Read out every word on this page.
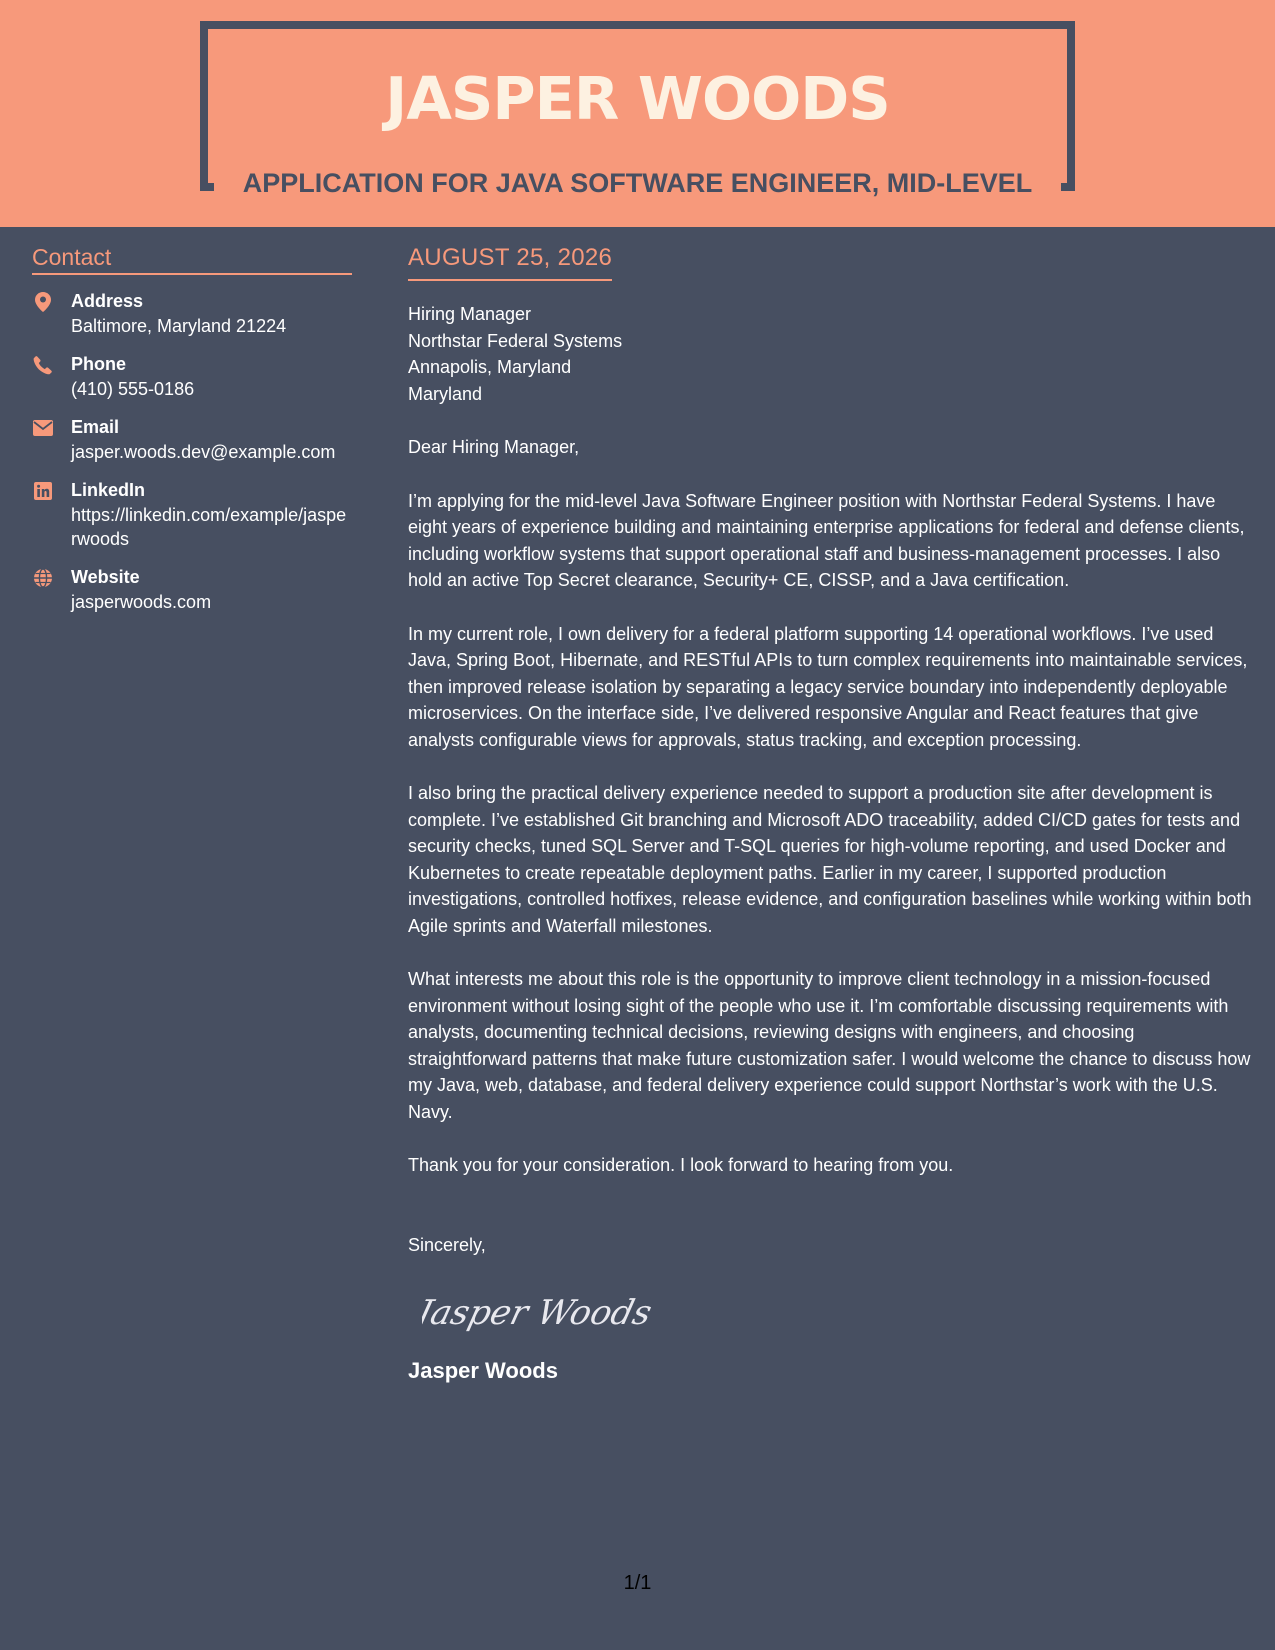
JASPER WOODS
APPLICATION FOR JAVA SOFTWARE ENGINEER, MID-LEVEL
Contact
Address
Baltimore, Maryland 21224
Phone
(410) 555-0186
Email
jasper.woods.dev@example.com
LinkedIn
https://linkedin.com/example/jasperwoods
Website
jasperwoods.com
AUGUST 25, 2026
Hiring Manager
Northstar Federal Systems
Annapolis, Maryland
Maryland

Dear Hiring Manager,

I’m applying for the mid-level Java Software Engineer position with Northstar Federal Systems. I have eight years of experience building and maintaining enterprise applications for federal and defense clients, including workflow systems that support operational staff and business-management processes. I also hold an active Top Secret clearance, Security+ CE, CISSP, and a Java certification.

In my current role, I own delivery for a federal platform supporting 14 operational workflows. I’ve used Java, Spring Boot, Hibernate, and RESTful APIs to turn complex requirements into maintainable services, then improved release isolation by separating a legacy service boundary into independently deployable microservices. On the interface side, I’ve delivered responsive Angular and React features that give analysts configurable views for approvals, status tracking, and exception processing.

I also bring the practical delivery experience needed to support a production site after development is complete. I’ve established Git branching and Microsoft ADO traceability, added CI/CD gates for tests and security checks, tuned SQL Server and T-SQL queries for high-volume reporting, and used Docker and Kubernetes to create repeatable deployment paths. Earlier in my career, I supported production investigations, controlled hotfixes, release evidence, and configuration baselines while working within both Agile sprints and Waterfall milestones.

What interests me about this role is the opportunity to improve client technology in a mission-focused environment without losing sight of the people who use it. I’m comfortable discussing requirements with analysts, documenting technical decisions, reviewing designs with engineers, and choosing straightforward patterns that make future customization safer. I would welcome the chance to discuss how my Java, web, database, and federal delivery experience could support Northstar’s work with the U.S. Navy.

Thank you for your consideration. I look forward to hearing from you.

Sincerely,
Jasper Woods
Jasper Woods
1/1
